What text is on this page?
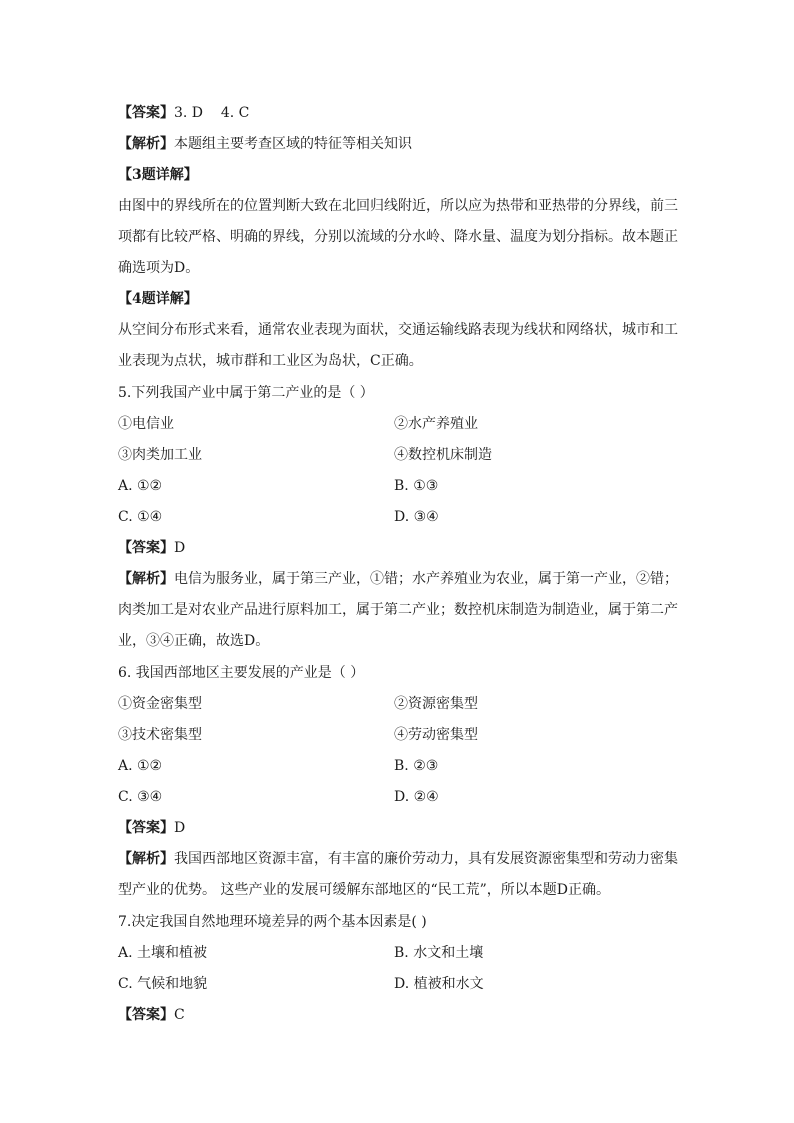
【答案】3. D    4. C
【解析】本题组主要考查区域的特征等相关知识
【3题详解】
由图中的界线所在的位置判断大致在北回归线附近，所以应为热带和亚热带的分界线，前三
项都有比较严格、明确的界线，分别以流域的分水岭、降水量、温度为划分指标。故本题正
确选项为D。
【4题详解】
从空间分布形式来看，通常农业表现为面状，交通运输线路表现为线状和网络状，城市和工
业表现为点状，城市群和工业区为岛状，C正确。
5.下列我国产业中属于第二产业的是（ ）
①电信业	②水产养殖业
③肉类加工业	④数控机床制造
A. ①②	B. ①③
C. ①④	D. ③④
【答案】D
【解析】电信为服务业，属于第三产业，①错；水产养殖业为农业，属于第一产业，②错；
肉类加工是对农业产品进行原料加工，属于第二产业；数控机床制造为制造业，属于第二产
业，③④正确，故选D。
6. 我国西部地区主要发展的产业是（ ）
①资金密集型	②资源密集型
③技术密集型	④劳动密集型
A. ①②	B. ②③
C. ③④	D. ②④
【答案】D
【解析】我国西部地区资源丰富，有丰富的廉价劳动力，具有发展资源密集型和劳动力密集
型产业的优势。 这些产业的发展可缓解东部地区的“民工荒”，所以本题D正确。
7.决定我国自然地理环境差异的两个基本因素是( )
A. 土壤和植被	B. 水文和土壤
C. 气候和地貌	D. 植被和水文
【答案】C
